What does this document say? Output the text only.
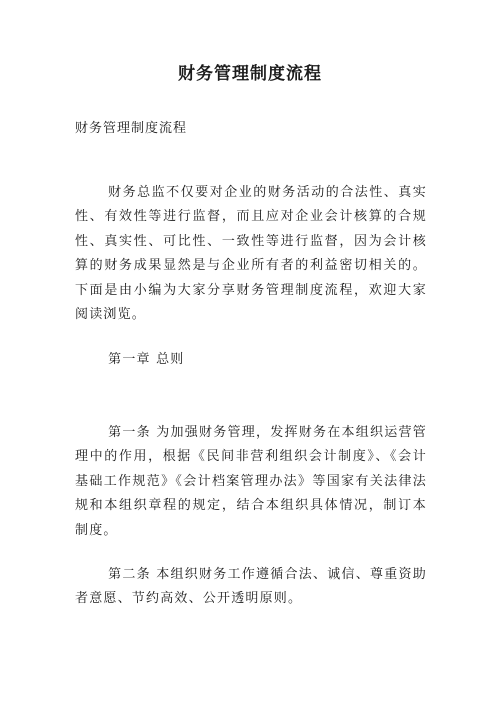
财务管理制度流程
财务管理制度流程

财务总监不仅要对企业的财务活动的合法性、真实性、有效性等进行监督，而且应对企业会计核算的合规性、真实性、可比性、一致性等进行监督，因为会计核算的财务成果显然是与企业所有者的利益密切相关的。下面是由小编为大家分享财务管理制度流程，欢迎大家阅读浏览。

第一章 总则

第一条 为加强财务管理，发挥财务在本组织运营管理中的作用，根据《民间非营利组织会计制度》、《会计基础工作规范》《会计档案管理办法》等国家有关法律法规和本组织章程的规定，结合本组织具体情况，制订本制度。

第二条 本组织财务工作遵循合法、诚信、尊重资助者意愿、节约高效、公开透明原则。
